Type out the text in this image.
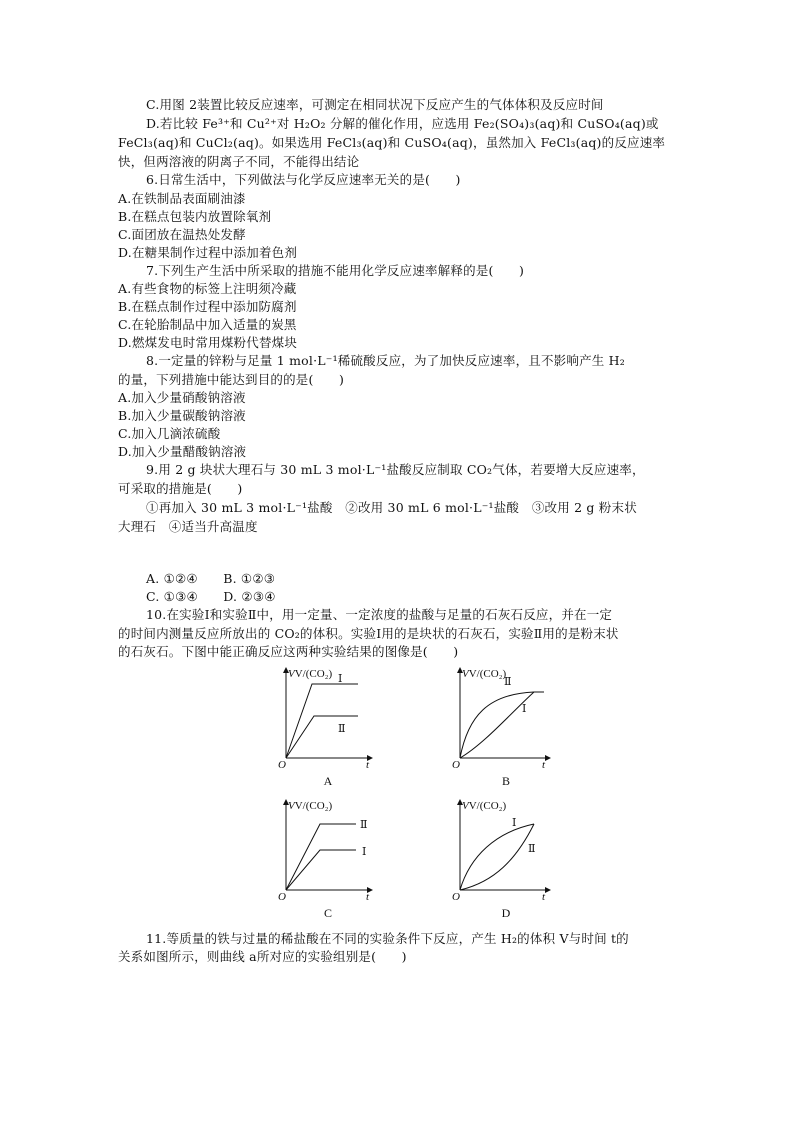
C.用图 2装置比较反应速率，可测定在相同状况下反应产生的气体体积及反应时间
D.若比较 Fe³⁺和 Cu²⁺对 H₂O₂ 分解的催化作用，应选用 Fe₂(SO₄)₃(aq)和 CuSO₄(aq)或
FeCl₃(aq)和 CuCl₂(aq)。如果选用 FeCl₃(aq)和 CuSO₄(aq)，虽然加入 FeCl₃(aq)的反应速率
快，但两溶液的阴离子不同，不能得出结论
6.日常生活中，下列做法与化学反应速率无关的是(　　)
A.在铁制品表面刷油漆
B.在糕点包装内放置除氧剂
C.面团放在温热处发酵
D.在糖果制作过程中添加着色剂
7.下列生产生活中所采取的措施不能用化学反应速率解释的是(　　)
A.有些食物的标签上注明须冷藏
B.在糕点制作过程中添加防腐剂
C.在轮胎制品中加入适量的炭黑
D.燃煤发电时常用煤粉代替煤块
8.一定量的锌粉与足量 1 mol·L⁻¹稀硫酸反应，为了加快反应速率，且不影响产生 H₂
的量，下列措施中能达到目的的是(　　)
A.加入少量硝酸钠溶液
B.加入少量碳酸钠溶液
C.加入几滴浓硫酸
D.加入少量醋酸钠溶液
9.用 2 g 块状大理石与 30 mL 3 mol·L⁻¹盐酸反应制取 CO₂气体，若要增大反应速率，
可采取的措施是(　　)
①再加入 30 mL 3 mol·L⁻¹盐酸　②改用 30 mL 6 mol·L⁻¹盐酸　③改用 2 g 粉末状
大理石　④适当升高温度
A. ①②④　　B. ①②③
C. ①③④　　D. ②③④
10.在实验Ⅰ和实验Ⅱ中，用一定量、一定浓度的盐酸与足量的石灰石反应，并在一定
的时间内测量反应所放出的 CO₂的体积。实验Ⅰ用的是块状的石灰石，实验Ⅱ用的是粉末状
的石灰石。下图中能正确反应这两种实验结果的图像是(　　)
VV/(CO₂) Ⅰ
Ⅱ
O	t
A
VV/(CO₂)
Ⅱ
Ⅰ
O	t
B
VV/(CO₂)
Ⅱ
Ⅰ
O	t
C
VV/(CO₂)
Ⅰ
Ⅱ
O	t
D
11.等质量的铁与过量的稀盐酸在不同的实验条件下反应，产生 H₂的体积 V与时间 t的
关系如图所示，则曲线 a所对应的实验组别是(　　)
